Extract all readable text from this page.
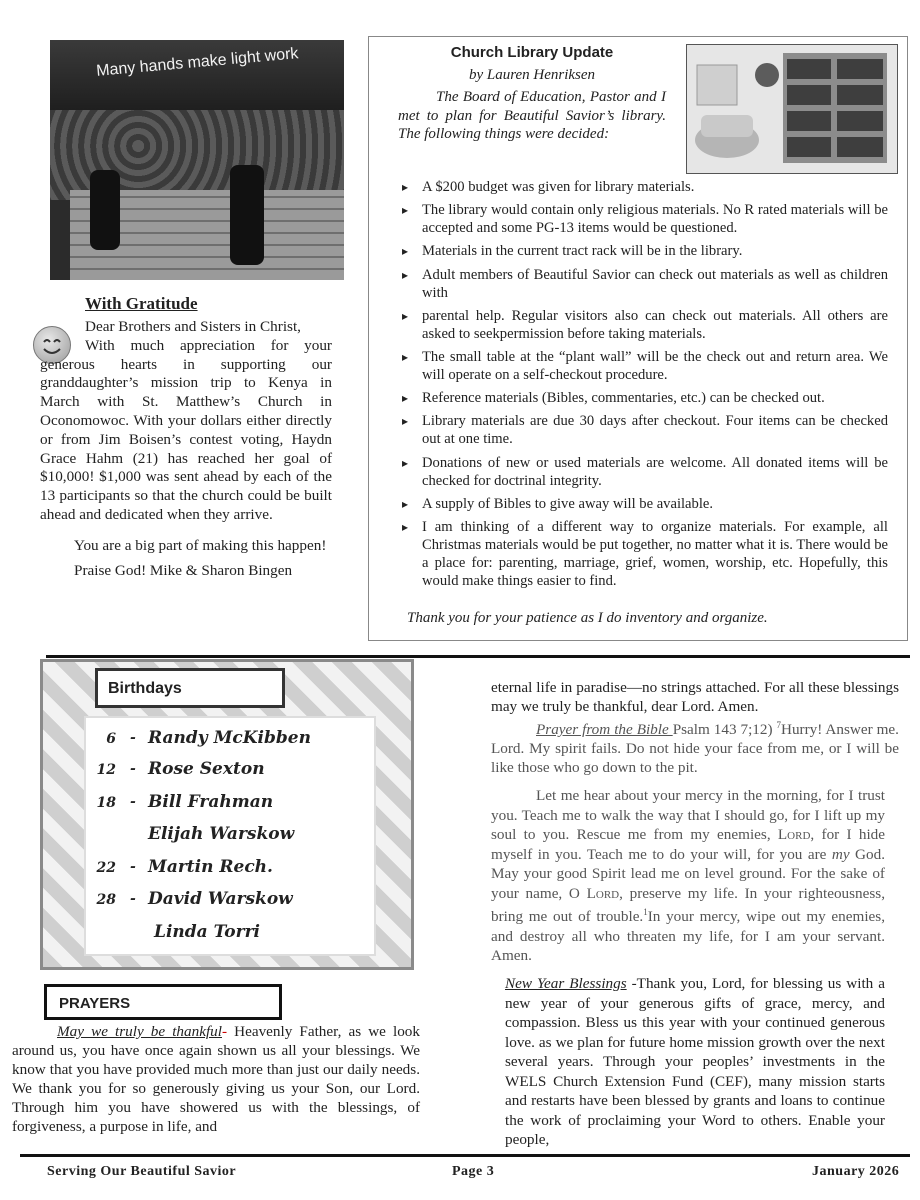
Many hands make light work
With Gratitude

Dear Brothers and Sisters in Christ,

With much appreciation for your generous hearts in supporting our granddaughter’s mission trip to Kenya in March with St. Matthew’s Church in Oconomowoc. With your dollars either directly or from Jim Boisen’s contest voting, Haydn Grace Hahm (21) has reached her goal of $10,000! $1,000 was sent ahead by each of the 13 participants so that the church could be built ahead and dedicated when they arrive.

You are a big part of making this happen!

Praise God! Mike & Sharon Bingen

Church Library Update
by Lauren Henriksen
The Board of Education, Pastor and I met to plan for Beautiful Savior’s library. The following things were decided:
▸ A $200 budget was given for library materials.
▸ The library would contain only religious materials. No R rated materials will be accepted and some PG-13 items would be questioned.
▸ Materials in the current tract rack will be in the library.
▸ Adult members of Beautiful Savior can check out materials as well as children with
▸ parental help. Regular visitors also can check out materials. All others are asked to seekpermission before taking materials.
▸ The small table at the “plant wall” will be the check out and return area. We will operate on a self-checkout procedure.
▸ Reference materials (Bibles, commentaries, etc.) can be checked out.
▸ Library materials are due 30 days after checkout. Four items can be checked out at one time.
▸ Donations of new or used materials are welcome. All donated items will be checked for doctrinal integrity.
▸ A supply of Bibles to give away will be available.
▸ I am thinking of a different way to organize materials. For example, all Christmas materials would be put together, no matter what it is. There would be a place for: parenting, marriage, grief, women, worship, etc. Hopefully, this would make things easier to find.
Thank you for your patience as I do inventory and organize.
Birthdays
6 - Randy McKibben
12 - Rose Sexton
18 - Bill Frahman
Elijah Warskow
22 - Martin Rech.
28 - David Warskow
Linda Torri
PRAYERS

May we truly be thankful- Heavenly Father, as we look around us, you have once again shown us all your blessings. We know that you have provided much more than just our daily needs. We thank you for so generously giving us your Son, our Lord. Through him you have showered us with the blessings, of forgiveness, a purpose in life, and

eternal life in paradise—no strings attached. For all these blessings may we truly be thankful, dear Lord. Amen.

Prayer from the Bible Psalm 143 7;12) $^7$Hurry! Answer me. Lord. My spirit fails. Do not hide your face from me, or I will be like those who go down to the pit.

Let me hear about your mercy in the morning, for I trust you. Teach me to walk the way that I should go, for I lift up my soul to you. Rescue me from my enemies, Lord, for I hide myself in you. Teach me to do your will, for you are my God. May your good Spirit lead me on level ground. For the sake of your name, O Lord, preserve my life. In your righteousness, bring me out of trouble.$^1$In your mercy, wipe out my enemies, and destroy all who threaten my life, for I am your servant. Amen.

New Year Blessings -Thank you, Lord, for blessing us with a new year of your generous gifts of grace, mercy, and compassion. Bless us this year with your continued generous love. as we plan for future home mission growth over the next several years. Through your peoples’ investments in the WELS Church Extension Fund (CEF), many mission starts and restarts have been blessed by grants and loans to continue the work of proclaiming your Word to others. Enable your people,

Serving Our Beautiful Savior	Page 3	January 2026
